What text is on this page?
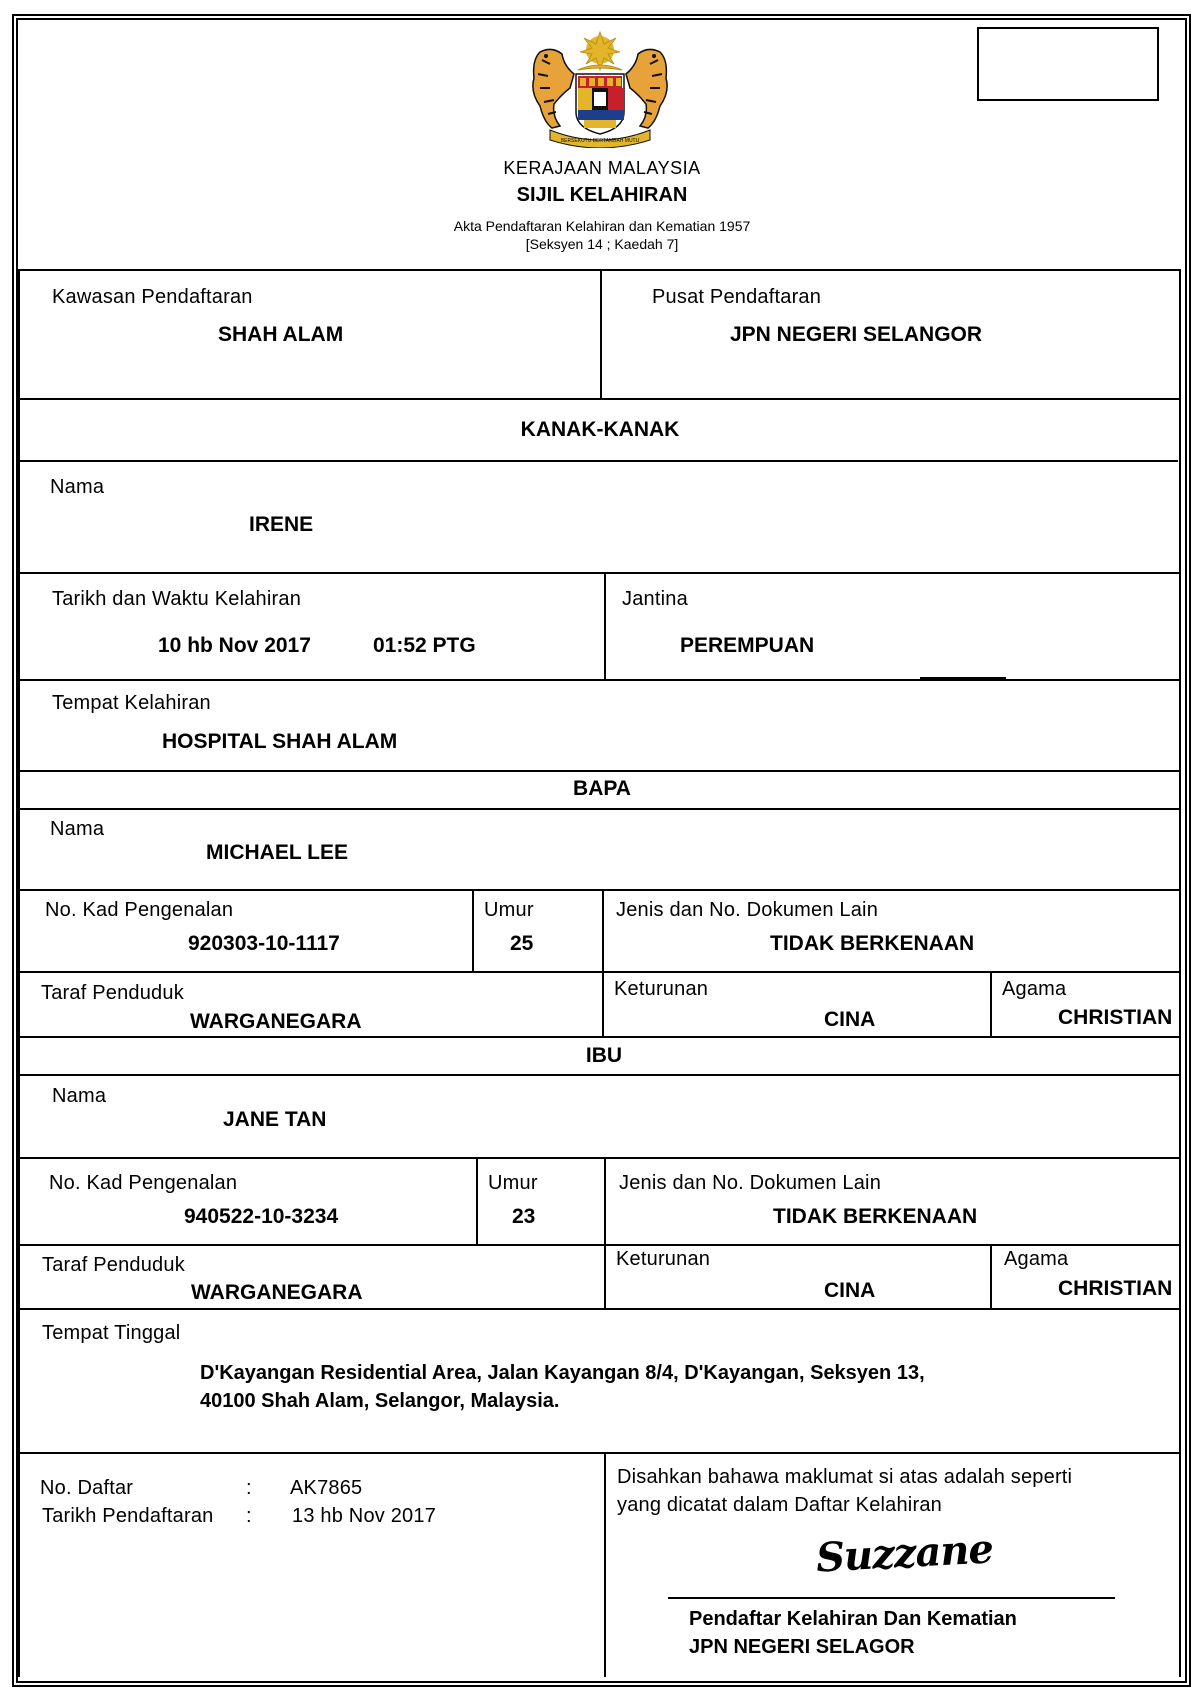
BERSEKUTU BERTAMBAH MUTU
KERAJAAN MALAYSIA
SIJIL KELAHIRAN
Akta Pendaftaran Kelahiran dan Kematian 1957
[Seksyen 14 ; Kaedah 7]
Kawasan Pendaftaran
SHAH ALAM
Pusat Pendaftaran
JPN NEGERI SELANGOR
KANAK-KANAK
Nama
IRENE
Tarikh dan Waktu Kelahiran
10 hb Nov 2017	01:52 PTG
Jantina
PEREMPUAN
Tempat Kelahiran
HOSPITAL SHAH ALAM
BAPA
Nama
MICHAEL LEE
No. Kad Pengenalan
920303-10-1117
Umur
25
Jenis dan No. Dokumen Lain
TIDAK BERKENAAN
Taraf Penduduk
WARGANEGARA
Keturunan
CINA
Agama
CHRISTIAN
IBU
Nama
JANE TAN
No. Kad Pengenalan
940522-10-3234
Umur
23
Jenis dan No. Dokumen Lain
TIDAK BERKENAAN
Taraf Penduduk
WARGANEGARA
Keturunan
CINA
Agama
CHRISTIAN
Tempat Tinggal
D'Kayangan Residential Area, Jalan Kayangan 8/4, D'Kayangan, Seksyen 13,
40100 Shah Alam, Selangor, Malaysia.
No. Daftar	: AK7865
Tarikh Pendaftaran : 13 hb Nov 2017
Disahkan bahawa maklumat si atas adalah seperti
yang dicatat dalam Daftar Kelahiran
Suzzane
Pendaftar Kelahiran Dan Kematian
JPN NEGERI SELAGOR
